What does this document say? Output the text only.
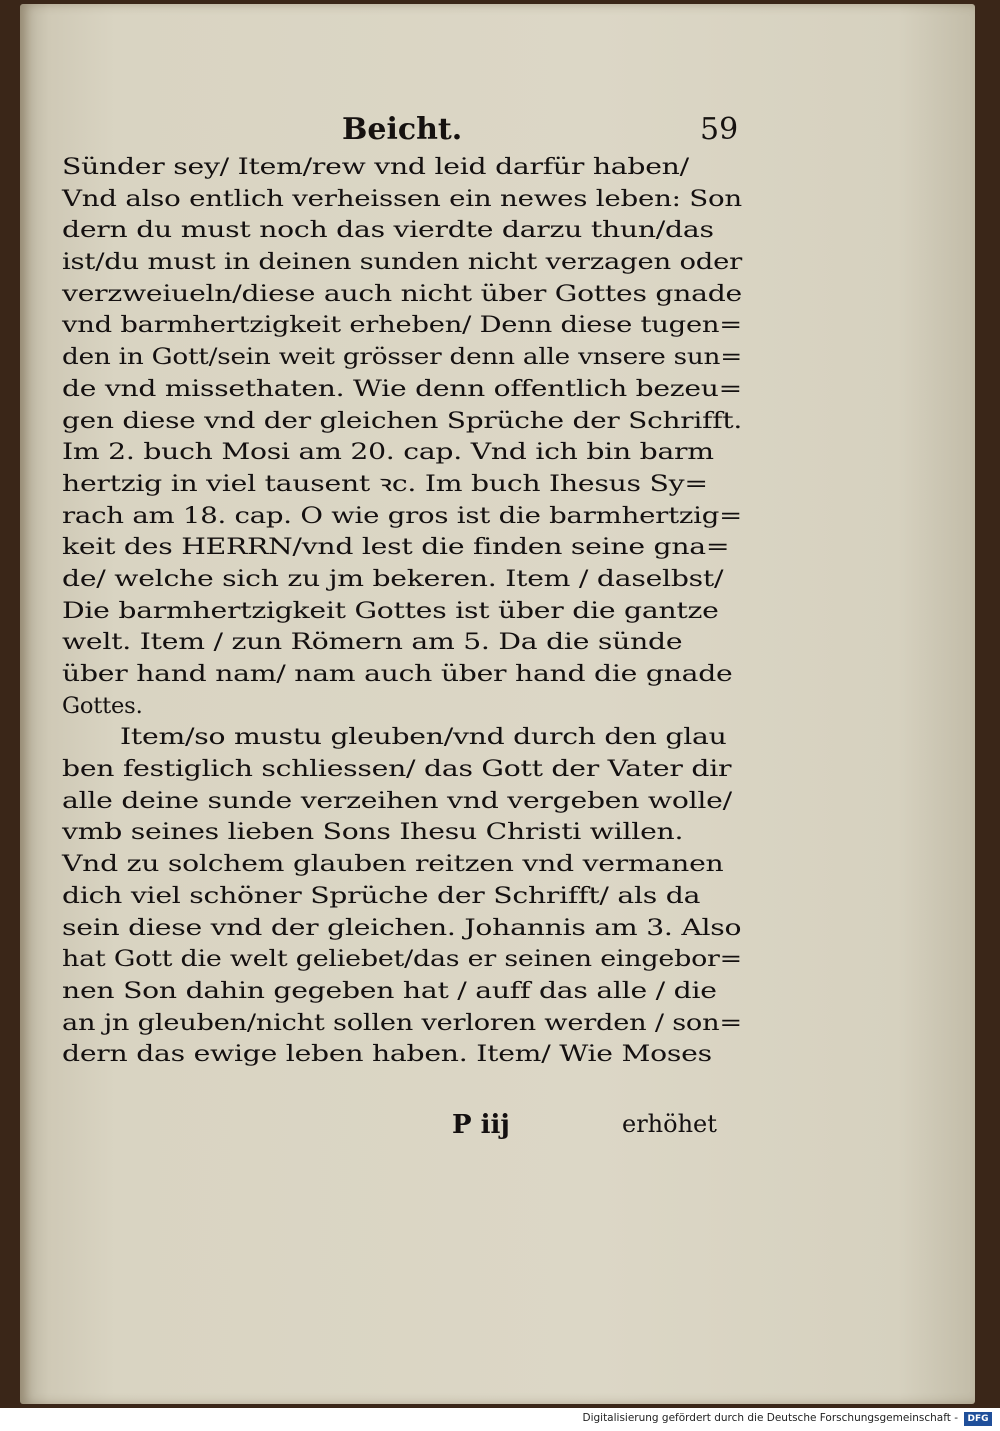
Beicht.	59
Sünder sey/ Item/rew vnd leid darfür haben/
Vnd also entlich verheissen ein newes leben: Son
dern du must noch das vierdte darzu thun/das
ist/du must in deinen sunden nicht verzagen oder
verzweiueln/diese auch nicht über Gottes gnade
vnd barmhertzigkeit erheben/ Denn diese tugen=
den in Gott/sein weit grösser denn alle vnsere sun=
de vnd missethaten. Wie denn offentlich bezeu=
gen diese vnd der gleichen Sprüche der Schrifft.
Im 2. buch Mosi am 20. cap. Vnd ich bin barm
hertzig in viel tausent ꝛc. Im buch Ihesus Sy=
rach am 18. cap. O wie gros ist die barmhertzig=
keit des HERRN/vnd lest die finden seine gna=
de/ welche sich zu jm bekeren. Item / daselbst/
Die barmhertzigkeit Gottes ist über die gantze
welt. Item / zun Römern am 5. Da die sünde
über hand nam/ nam auch über hand die gnade
Gottes.
Item/so mustu gleuben/vnd durch den glau
ben festiglich schliessen/ das Gott der Vater dir
alle deine sunde verzeihen vnd vergeben wolle/
vmb seines lieben Sons Ihesu Christi willen.
Vnd zu solchem glauben reitzen vnd vermanen
dich viel schöner Sprüche der Schrifft/ als da
sein diese vnd der gleichen. Johannis am 3. Also
hat Gott die welt geliebet/das er seinen eingebor=
nen Son dahin gegeben hat / auff das alle / die
an jn gleuben/nicht sollen verloren werden / son=
dern das ewige leben haben. Item/ Wie Moses
P iij	erhöhet
Digitalisierung gefördert durch die Deutsche Forschungsgemeinschaft -	DFG
